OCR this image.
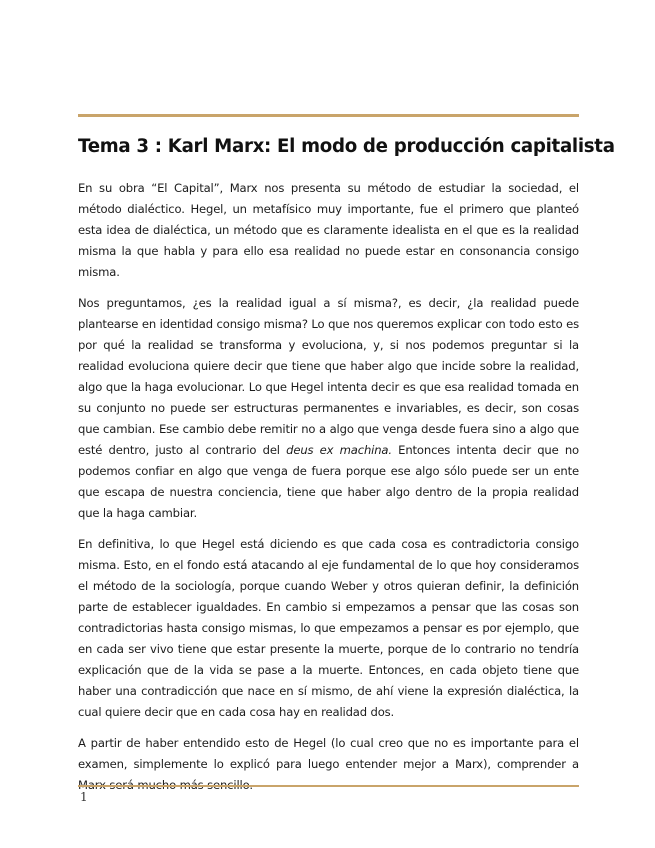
Tema 3 : Karl Marx: El modo de producción capitalista

En su obra “El Capital”, Marx nos presenta su método de estudiar la sociedad, el método dialéctico. Hegel, un metafísico muy importante, fue el primero que planteó esta idea de dialéctica, un método que es claramente idealista en el que es la realidad misma la que habla y para ello esa realidad no puede estar en consonancia consigo misma.

Nos preguntamos, ¿es la realidad igual a sí misma?, es decir, ¿la realidad puede plantearse en identidad consigo misma? Lo que nos queremos explicar con todo esto es por qué la realidad se transforma y evoluciona, y, si nos podemos preguntar si la realidad evoluciona quiere decir que tiene que haber algo que incide sobre la realidad, algo que la haga evolucionar. Lo que Hegel intenta decir es que esa realidad tomada en su conjunto no puede ser estructuras permanentes e invariables, es decir, son cosas que cambian. Ese cambio debe remitir no a algo que venga desde fuera sino a algo que esté dentro, justo al contrario del deus ex machina. Entonces intenta decir que no podemos confiar en algo que venga de fuera porque ese algo sólo puede ser un ente que escapa de nuestra conciencia, tiene que haber algo dentro de la propia realidad que la haga cambiar.

En definitiva, lo que Hegel está diciendo es que cada cosa es contradictoria consigo misma. Esto, en el fondo está atacando al eje fundamental de lo que hoy consideramos el método de la sociología, porque cuando Weber y otros quieran definir, la definición parte de establecer igualdades. En cambio si empezamos a pensar que las cosas son contradictorias hasta consigo mismas, lo que empezamos a pensar es por ejemplo, que en cada ser vivo tiene que estar presente la muerte, porque de lo contrario no tendría explicación que de la vida se pase a la muerte. Entonces, en cada objeto tiene que haber una contradicción que nace en sí mismo, de ahí viene la expresión dialéctica, la cual quiere decir que en cada cosa hay en realidad dos.

A partir de haber entendido esto de Hegel (lo cual creo que no es importante para el examen, simplemente lo explicó para luego entender mejor a Marx), comprender a

1
